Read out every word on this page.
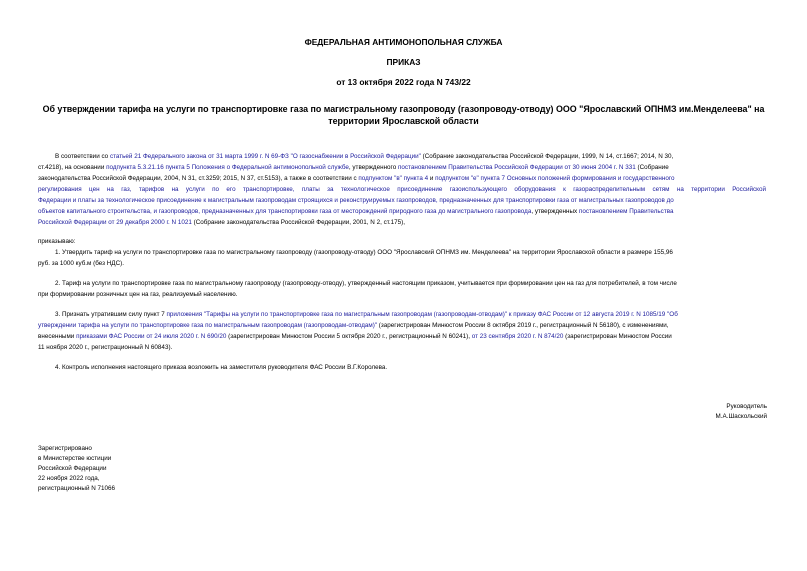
ФЕДЕРАЛЬНАЯ АНТИМОНОПОЛЬНАЯ СЛУЖБА
ПРИКАЗ
от 13 октября 2022 года N 743/22
Об утверждении тарифа на услуги по транспортировке газа по магистральному газопроводу (газопроводу-отводу) ООО "Ярославский ОПНМЗ им.Менделеева" на территории Ярославской области
В соответствии со статьей 21 Федерального закона от 31 марта 1999 г. N 69-ФЗ "О газоснабжении в Российской Федерации" (Собрание законодательства Российской Федерации, 1999, N 14, ст.1667; 2014, N 30,
ст.4218), на основании подпункта 5.3.21.16 пункта 5 Положения о Федеральной антимонопольной службе, утвержденного постановлением Правительства Российской Федерации от 30 июня 2004 г. N 331 (Собрание
законодательства Российской Федерации, 2004, N 31, ст.3259; 2015, N 37, ст.5153), а также в соответствии с подпунктом "в" пункта 4 и подпунктом "е" пункта 7 Основных положений формирования и государственного
регулирования цен на газ, тарифов на услуги по его транспортировке, платы за технологическое присоединение газоиспользующего оборудования к газораспределительным сетям на территории Российской
Федерации и платы за технологическое присоединение к магистральным газопроводам строящихся и реконструируемых газопроводов, предназначенных для транспортировки газа от магистральных газопроводов до
объектов капитального строительства, и газопроводов, предназначенных для транспортировки газа от месторождений природного газа до магистрального газопровода, утвержденных постановлением Правительства
Российской Федерации от 29 декабря 2000 г. N 1021 (Собрание законодательства Российской Федерации, 2001, N 2, ст.175),
приказываю:
1. Утвердить тариф на услуги по транспортировке газа по магистральному газопроводу (газопроводу-отводу) ООО "Ярославский ОПНМЗ им. Менделеева" на территории Ярославской области в размере 155,96
руб. за 1000 куб.м (без НДС).
2. Тариф на услуги по транспортировке газа по магистральному газопроводу (газопроводу-отводу), утвержденный настоящим приказом, учитывается при формировании цен на газ для потребителей, в том числе
при формировании розничных цен на газ, реализуемый населению.
3. Признать утратившим силу пункт 7 приложения "Тарифы на услуги по транспортировке газа по магистральным газопроводам (газопроводам-отводам)" к приказу ФАС России от 12 августа 2019 г. N 1085/19 "Об
утверждении тарифа на услуги по транспортировке газа по магистральным газопроводам (газопроводам-отводам)" (зарегистрирован Минюстом России 8 октября 2019 г., регистрационный N 56180), с изменениями,
внесенными приказами ФАС России от 24 июля 2020 г. N 690/20 (зарегистрирован Минюстом России 5 октября 2020 г., регистрационный N 60241), от 23 сентября 2020 г. N 874/20 (зарегистрирован Минюстом России
11 ноября 2020 г., регистрационный N 60843).
4. Контроль исполнения настоящего приказа возложить на заместителя руководителя ФАС России В.Г.Королева.
Руководитель
М.А.Шаскольский
Зарегистрировано
в Министерстве юстиции
Российской Федерации
22 ноября 2022 года,
регистрационный N 71066
